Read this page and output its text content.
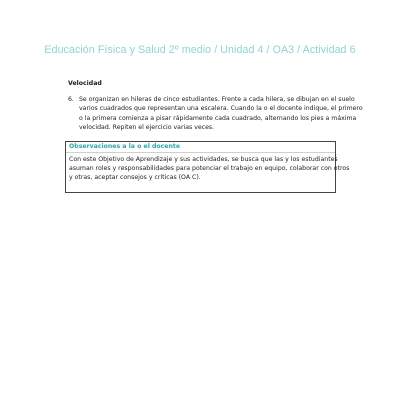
Educación Física y Salud 2º medio / Unidad 4 / OA3 / Actividad 6
Velocidad
6. Se organizan en hileras de cinco estudiantes. Frente a cada hilera, se dibujan en el suelo
varios cuadrados que representan una escalera. Cuando la o el docente indique, el primero
o la primera comienza a pisar rápidamente cada cuadrado, alternando los pies a máxima
velocidad. Repiten el ejercicio varias veces.
Observaciones a la o el docente
Con este Objetivo de Aprendizaje y sus actividades, se busca que las y los estudiantes
asuman roles y responsabilidades para potenciar el trabajo en equipo, colaborar con otros
y otras, aceptar consejos y críticas (OA C).
